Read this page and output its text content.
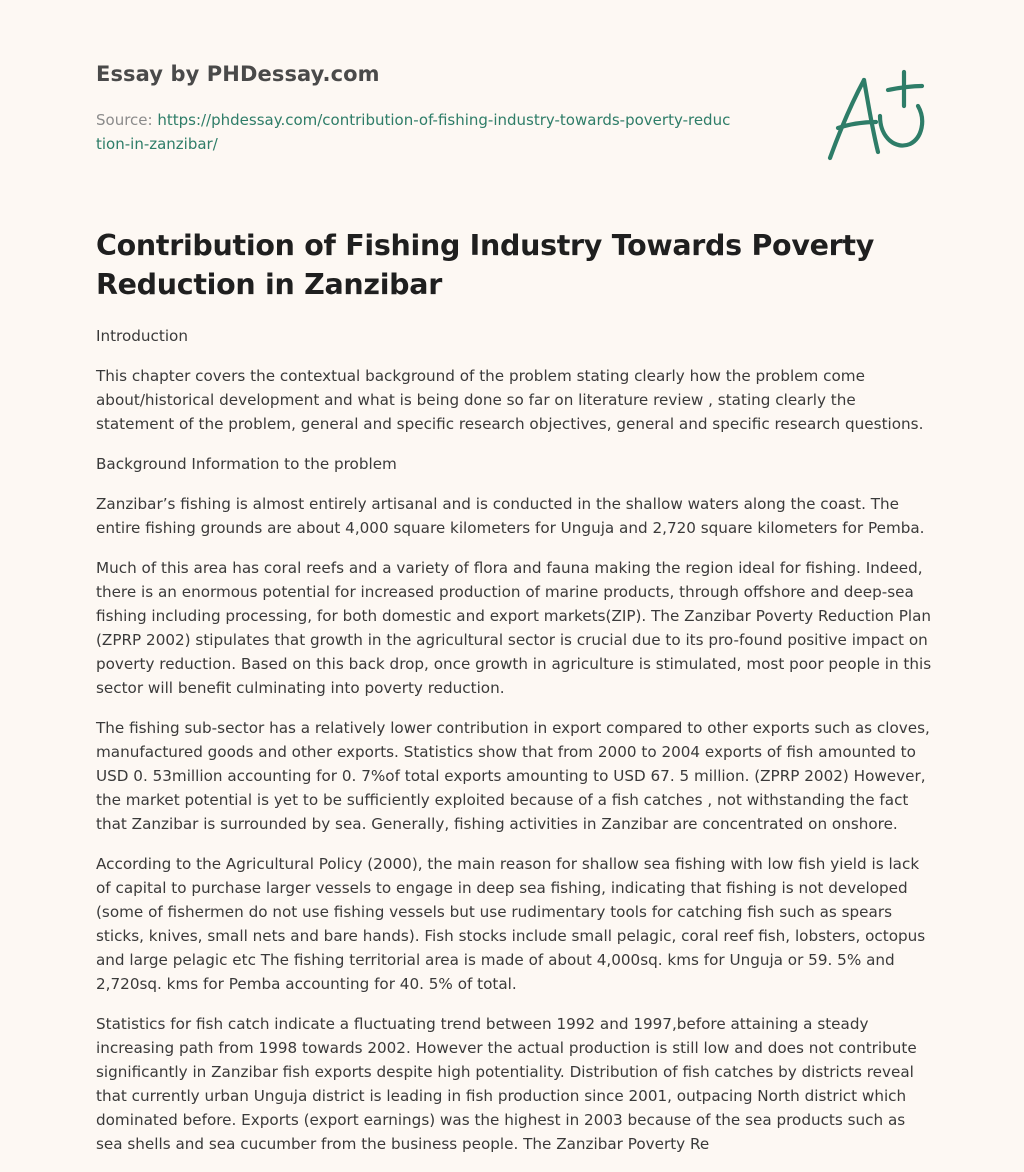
Essay by PHDessay.com
Source: https://phdessay.com/contribution-of-fishing-industry-towards-poverty-reduction-in-zanzibar/
Contribution of Fishing Industry Towards Poverty Reduction in Zanzibar

Introduction

This chapter covers the contextual background of the problem stating clearly how the problem come about/historical development and what is being done so far on literature review , stating clearly the statement of the problem, general and specific research objectives, general and specific research questions.

Background Information to the problem

Zanzibar’s fishing is almost entirely artisanal and is conducted in the shallow waters along the coast. The entire fishing grounds are about 4,000 square kilometers for Unguja and 2,720 square kilometers for Pemba.

Much of this area has coral reefs and a variety of flora and fauna making the region ideal for fishing. Indeed, there is an enormous potential for increased production of marine products, through offshore and deep-sea fishing including processing, for both domestic and export markets(ZIP). The Zanzibar Poverty Reduction Plan (ZPRP 2002) stipulates that growth in the agricultural sector is crucial due to its pro-found positive impact on poverty reduction. Based on this back drop, once growth in agriculture is stimulated, most poor people in this sector will benefit culminating into poverty reduction.

The fishing sub-sector has a relatively lower contribution in export compared to other exports such as cloves, manufactured goods and other exports. Statistics show that from 2000 to 2004 exports of fish amounted to USD 0. 53million accounting for 0. 7%of total exports amounting to USD 67. 5 million. (ZPRP 2002) However, the market potential is yet to be sufficiently exploited because of a fish catches , not withstanding the fact that Zanzibar is surrounded by sea. Generally, fishing activities in Zanzibar are concentrated on onshore.

According to the Agricultural Policy (2000), the main reason for shallow sea fishing with low fish yield is lack of capital to purchase larger vessels to engage in deep sea fishing, indicating that fishing is not developed (some of fishermen do not use fishing vessels but use rudimentary tools for catching fish such as spears sticks, knives, small nets and bare hands). Fish stocks include small pelagic, coral reef fish, lobsters, octopus and large pelagic etc The fishing territorial area is made of about 4,000sq. kms for Unguja or 59. 5% and 2,720sq. kms for Pemba accounting for 40. 5% of total.

Statistics for fish catch indicate a fluctuating trend between 1992 and 1997,before attaining a steady increasing path from 1998 towards 2002. However the actual production is still low and does not contribute significantly in Zanzibar fish exports despite high potentiality. Distribution of fish catches by districts reveal that currently urban Unguja district is leading in fish production since 2001, outpacing North district which dominated before. Exports (export earnings) was the highest in 2003 because of the sea products such as sea shells and sea cucumber from the business people. The Zanzibar Poverty Re
